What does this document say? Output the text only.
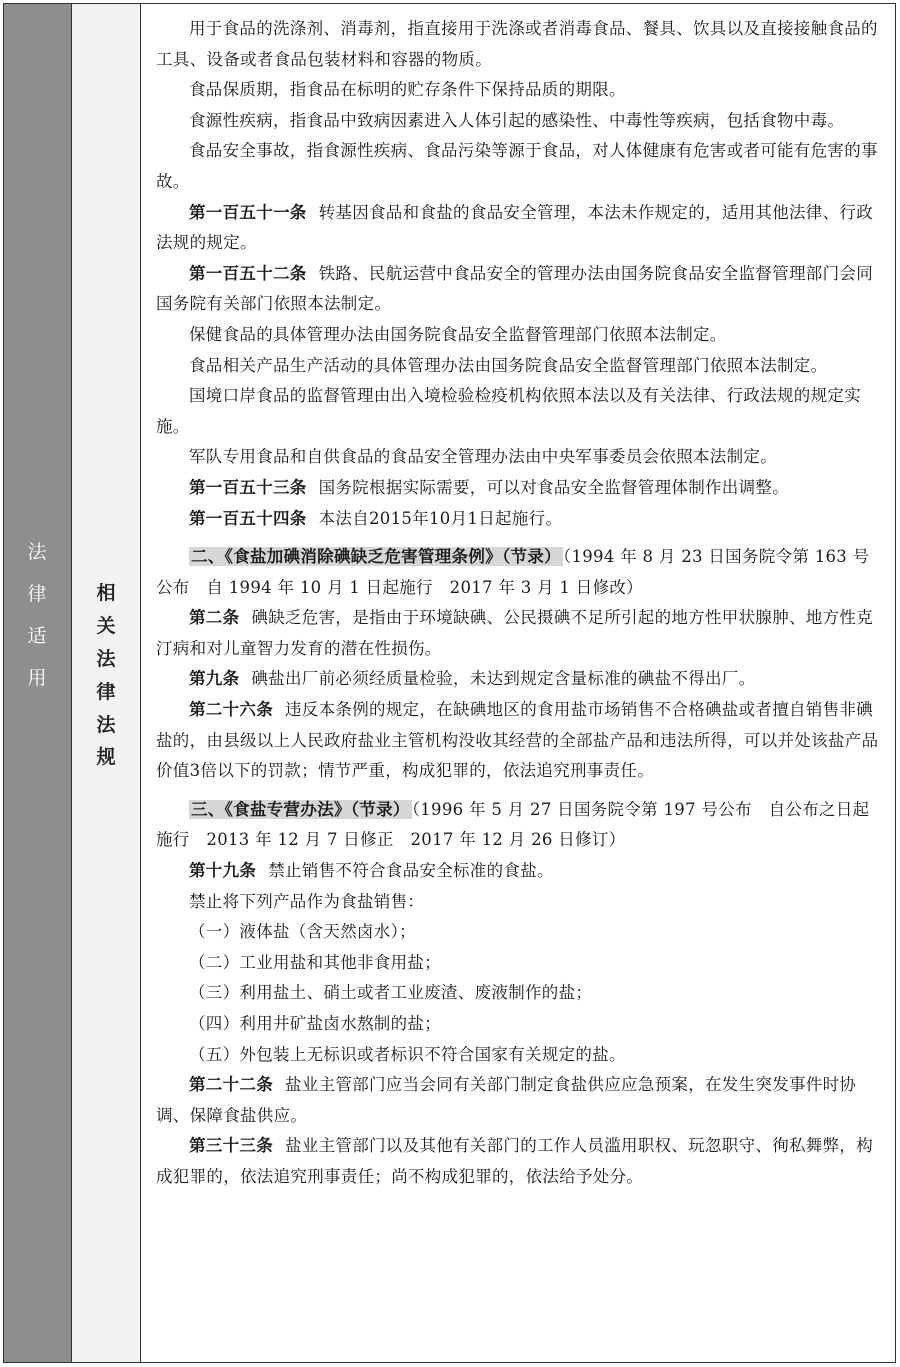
法
律
适
用
相
关
法
律
法
规

用于食品的洗涤剂、消毒剂，指直接用于洗涤或者消毒食品、餐具、饮具以及直接接触食品的工具、设备或者食品包装材料和容器的物质。

食品保质期，指食品在标明的贮存条件下保持品质的期限。

食源性疾病，指食品中致病因素进入人体引起的感染性、中毒性等疾病，包括食物中毒。

食品安全事故，指食源性疾病、食品污染等源于食品，对人体健康有危害或者可能有危害的事故。

第一百五十一条 转基因食品和食盐的食品安全管理，本法未作规定的，适用其他法律、行政法规的规定。

第一百五十二条 铁路、民航运营中食品安全的管理办法由国务院食品安全监督管理部门会同国务院有关部门依照本法制定。

保健食品的具体管理办法由国务院食品安全监督管理部门依照本法制定。

食品相关产品生产活动的具体管理办法由国务院食品安全监督管理部门依照本法制定。

国境口岸食品的监督管理由出入境检验检疫机构依照本法以及有关法律、行政法规的规定实施。

军队专用食品和自供食品的食品安全管理办法由中央军事委员会依照本法制定。

第一百五十三条 国务院根据实际需要，可以对食品安全监督管理体制作出调整。

第一百五十四条 本法自2015年10月1日起施行。

二、《食盐加碘消除碘缺乏危害管理条例》（节录） （1994 年 8 月 23 日国务院令第 163 号公布　自 1994 年 10 月 1 日起施行　2017 年 3 月 1 日修改）

第二条 碘缺乏危害，是指由于环境缺碘、公民摄碘不足所引起的地方性甲状腺肿、地方性克汀病和对儿童智力发育的潜在性损伤。

第九条 碘盐出厂前必须经质量检验，未达到规定含量标准的碘盐不得出厂。

第二十六条 违反本条例的规定，在缺碘地区的食用盐市场销售不合格碘盐或者擅自销售非碘盐的，由县级以上人民政府盐业主管机构没收其经营的全部盐产品和违法所得，可以并处该盐产品价值3倍以下的罚款；情节严重，构成犯罪的，依法追究刑事责任。

三、《食盐专营办法》（节录） （1996 年 5 月 27 日国务院令第 197 号公布　自公布之日起施行　2013 年 12 月 7 日修正　2017 年 12 月 26 日修订）

第十九条 禁止销售不符合食品安全标准的食盐。

禁止将下列产品作为食盐销售：

（一）液体盐（含天然卤水）；

（二）工业用盐和其他非食用盐；

（三）利用盐土、硝土或者工业废渣、废液制作的盐；

（四）利用井矿盐卤水熬制的盐；

（五）外包装上无标识或者标识不符合国家有关规定的盐。

第二十二条 盐业主管部门应当会同有关部门制定食盐供应应急预案，在发生突发事件时协调、保障食盐供应。

第三十三条 盐业主管部门以及其他有关部门的工作人员滥用职权、玩忽职守、徇私舞弊，构成犯罪的，依法追究刑事责任；尚不构成犯罪的，依法给予处分。
